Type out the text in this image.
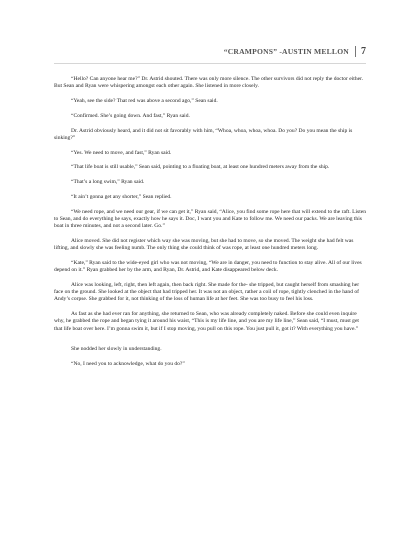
“CRAMPONS” -AUSTIN MELLON 7

“Hello? Can anyone hear me?” Dr. Astrid shouted. There was only more silence. The other survivors did not reply the doctor either. But Sean and Ryan were whispering amongst each other again. She listened in more closely.

“Yeah, see the side? That red was above a second ago,” Sean said.

“Confirmed. She’s going down. And fast,” Ryan said.

Dr. Astrid obviously heard, and it did not sit favorably with him, “Whoa, whoa, whoa, whoa. Do you? Do you mean the ship is sinking?”

“Yes. We need to move, and fast,” Ryan said.

“That life boat is still usable,” Sean said, pointing to a floating boat, at least one hundred meters away from the ship.

“That’s a long swim,” Ryan said.

“It ain’t gonna get any shorter,” Sean replied.

“We need rope, and we need our gear, if we can get it,” Ryan said, “Alice, you find some rope here that will extend to the raft. Listen to Sean, and do everything he says, exactly how he says it. Doc, I want you and Kate to follow me. We need our packs. We are leaving this boat in three minutes, and not a second later. Go.”

Alice moved. She did not register which way she was moving, but she had to move, so she moved. The weight she had felt was lifting, and slowly she was feeling numb. The only thing she could think of was rope, at least one hundred meters long.

“Kate,” Ryan said to the wide-eyed girl who was not moving, “We are in danger, you need to function to stay alive. All of our lives depend on it.” Ryan grabbed her by the arm, and Ryan, Dr. Astrid, and Kate disappeared below deck.

Alice was looking, left, right, then left again, then back right. She made for the- she tripped, but caught herself from smashing her face on the ground. She looked at the object that had tripped her. It was not an object, rather a coil of rope, tightly clenched in the hand of Andy’s corpse. She grabbed for it, not thinking of the loss of human life at her feet. She was too busy to feel his loss.

As fast as she had ever ran for anything, she returned to Sean, who was already completely naked. Before she could even inquire why, he grabbed the rope and began tying it around his waist, “This is my life line, and you are my life line,” Sean said, “I must, must get that life boat over here. I’m gonna swim it, but if I stop moving, you pull on this rope. You just pull it, got it? With everything you have.”

She nodded her slowly in understanding.

“No, I need you to acknowledge, what do you do?”
